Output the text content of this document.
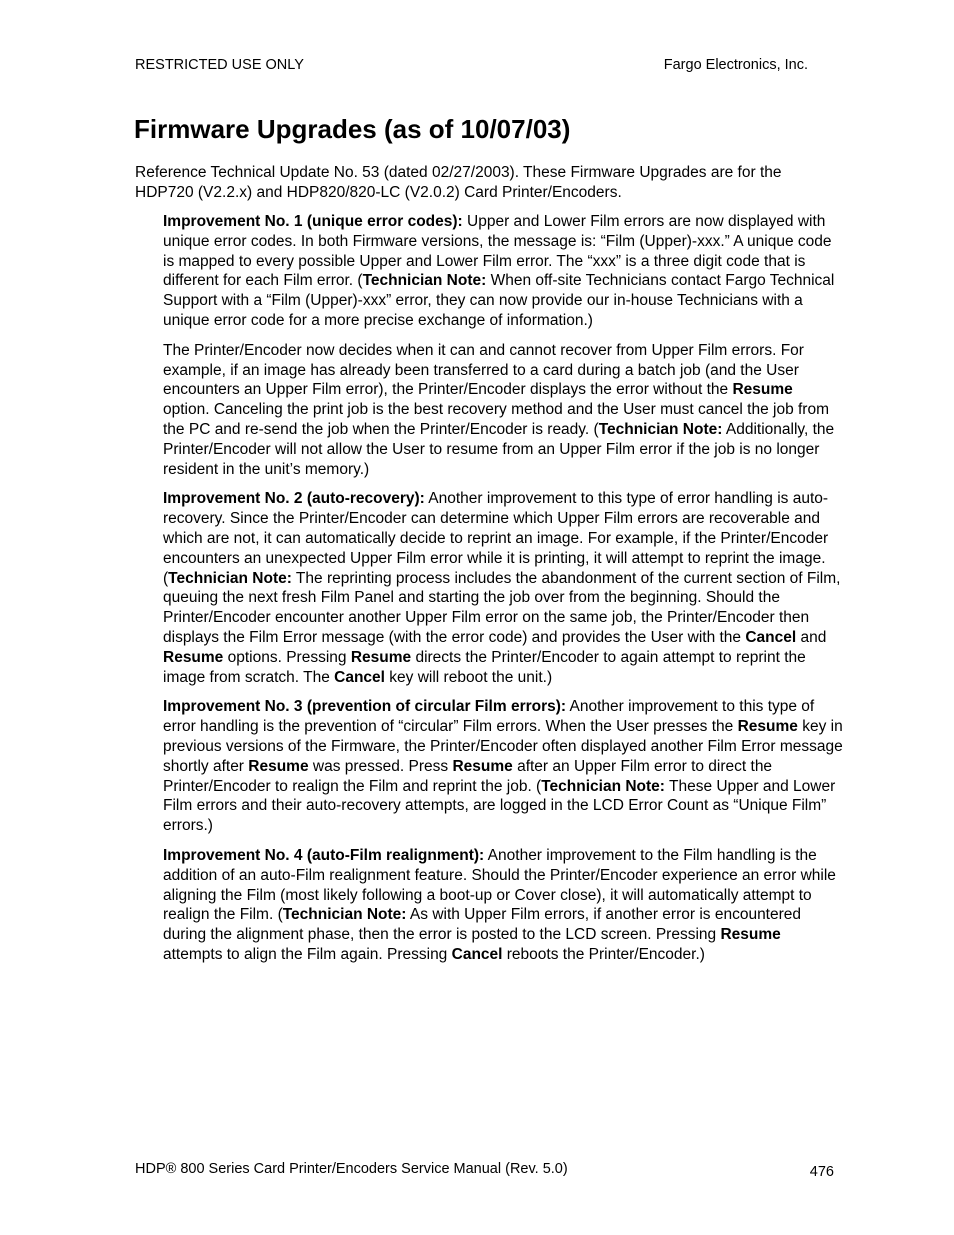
RESTRICTED USE ONLY	Fargo Electronics, Inc.
Firmware Upgrades (as of 10/07/03)

Reference Technical Update No. 53 (dated 02/27/2003). These Firmware Upgrades are for the HDP720 (V2.2.x) and HDP820/820-LC (V2.0.2) Card Printer/Encoders.

Improvement No. 1 (unique error codes): Upper and Lower Film errors are now displayed with unique error codes. In both Firmware versions, the message is: “Film (Upper)-xxx.” A unique code is mapped to every possible Upper and Lower Film error. The “xxx” is a three digit code that is different for each Film error. (Technician Note: When off-site Technicians contact Fargo Technical Support with a “Film (Upper)-xxx” error, they can now provide our in-house Technicians with a unique error code for a more precise exchange of information.)

The Printer/Encoder now decides when it can and cannot recover from Upper Film errors. For example, if an image has already been transferred to a card during a batch job (and the User encounters an Upper Film error), the Printer/Encoder displays the error without the Resume option. Canceling the print job is the best recovery method and the User must cancel the job from the PC and re-send the job when the Printer/Encoder is ready. (Technician Note: Additionally, the Printer/Encoder will not allow the User to resume from an Upper Film error if the job is no longer resident in the unit’s memory.)

Improvement No. 2 (auto-recovery): Another improvement to this type of error handling is auto-recovery. Since the Printer/Encoder can determine which Upper Film errors are recoverable and which are not, it can automatically decide to reprint an image. For example, if the Printer/Encoder encounters an unexpected Upper Film error while it is printing, it will attempt to reprint the image. (Technician Note: The reprinting process includes the abandonment of the current section of Film, queuing the next fresh Film Panel and starting the job over from the beginning. Should the Printer/Encoder encounter another Upper Film error on the same job, the Printer/Encoder then displays the Film Error message (with the error code) and provides the User with the Cancel and Resume options. Pressing Resume directs the Printer/Encoder to again attempt to reprint the image from scratch. The Cancel key will reboot the unit.)

Improvement No. 3 (prevention of circular Film errors): Another improvement to this type of error handling is the prevention of “circular” Film errors. When the User presses the Resume key in previous versions of the Firmware, the Printer/Encoder often displayed another Film Error message shortly after Resume was pressed. Press Resume after an Upper Film error to direct the Printer/Encoder to realign the Film and reprint the job. (Technician Note: These Upper and Lower Film errors and their auto-recovery attempts, are logged in the LCD Error Count as “Unique Film” errors.)

Improvement No. 4 (auto-Film realignment): Another improvement to the Film handling is the addition of an auto-Film realignment feature. Should the Printer/Encoder experience an error while aligning the Film (most likely following a boot-up or Cover close), it will automatically attempt to realign the Film. (Technician Note: As with Upper Film errors, if another error is encountered during the alignment phase, then the error is posted to the LCD screen. Pressing Resume attempts to align the Film again. Pressing Cancel reboots the Printer/Encoder.)

HDP® 800 Series Card Printer/Encoders Service Manual (Rev. 5.0)	476
